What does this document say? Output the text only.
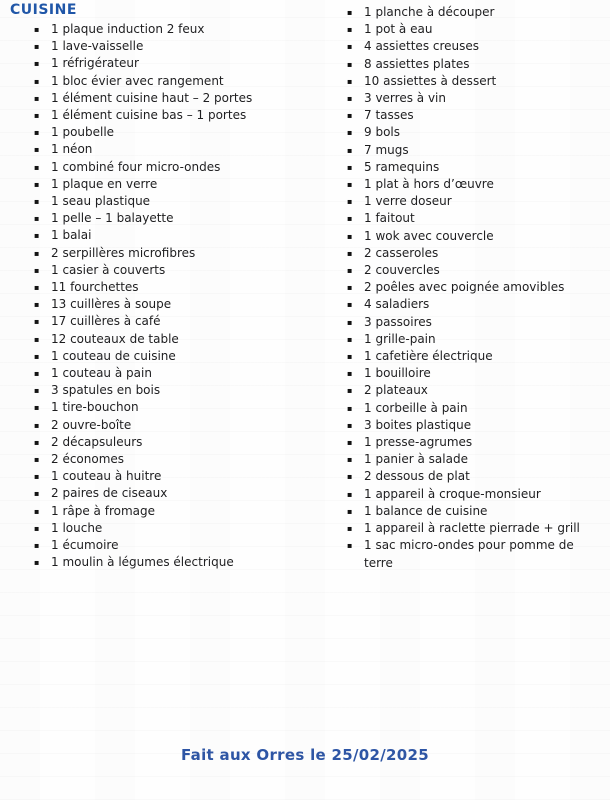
CUISINE
▪ 1 plaque induction 2 feux
▪ 1 lave-vaisselle
▪ 1 réfrigérateur
▪ 1 bloc évier avec rangement
▪ 1 élément cuisine haut – 2 portes
▪ 1 élément cuisine bas – 1 portes
▪ 1 poubelle
▪ 1 néon
▪ 1 combiné four micro-ondes
▪ 1 plaque en verre
▪ 1 seau plastique
▪ 1 pelle – 1 balayette
▪ 1 balai
▪ 2 serpillères microfibres
▪ 1 casier à couverts
▪ 11 fourchettes
▪ 13 cuillères à soupe
▪ 17 cuillères à café
▪ 12 couteaux de table
▪ 1 couteau de cuisine
▪ 1 couteau à pain
▪ 3 spatules en bois
▪ 1 tire-bouchon
▪ 2 ouvre-boîte
▪ 2 décapsuleurs
▪ 2 économes
▪ 1 couteau à huitre
▪ 2 paires de ciseaux
▪ 1 râpe à fromage
▪ 1 louche
▪ 1 écumoire
▪ 1 moulin à légumes électrique
▪ 1 planche à découper
▪ 1 pot à eau
▪ 4 assiettes creuses
▪ 8 assiettes plates
▪ 10 assiettes à dessert
▪ 3 verres à vin
▪ 7 tasses
▪ 9 bols
▪ 7 mugs
▪ 5 ramequins
▪ 1 plat à hors d’œuvre
▪ 1 verre doseur
▪ 1 faitout
▪ 1 wok avec couvercle
▪ 2 casseroles
▪ 2 couvercles
▪ 2 poêles avec poignée amovibles
▪ 4 saladiers
▪ 3 passoires
▪ 1 grille-pain
▪ 1 cafetière électrique
▪ 1 bouilloire
▪ 2 plateaux
▪ 1 corbeille à pain
▪ 3 boites plastique
▪ 1 presse-agrumes
▪ 1 panier à salade
▪ 2 dessous de plat
▪ 1 appareil à croque-monsieur
▪ 1 balance de cuisine
▪ 1 appareil à raclette pierrade + grill
▪ 1 sac micro-ondes pour pomme de terre
Fait aux Orres le 25/02/2025
